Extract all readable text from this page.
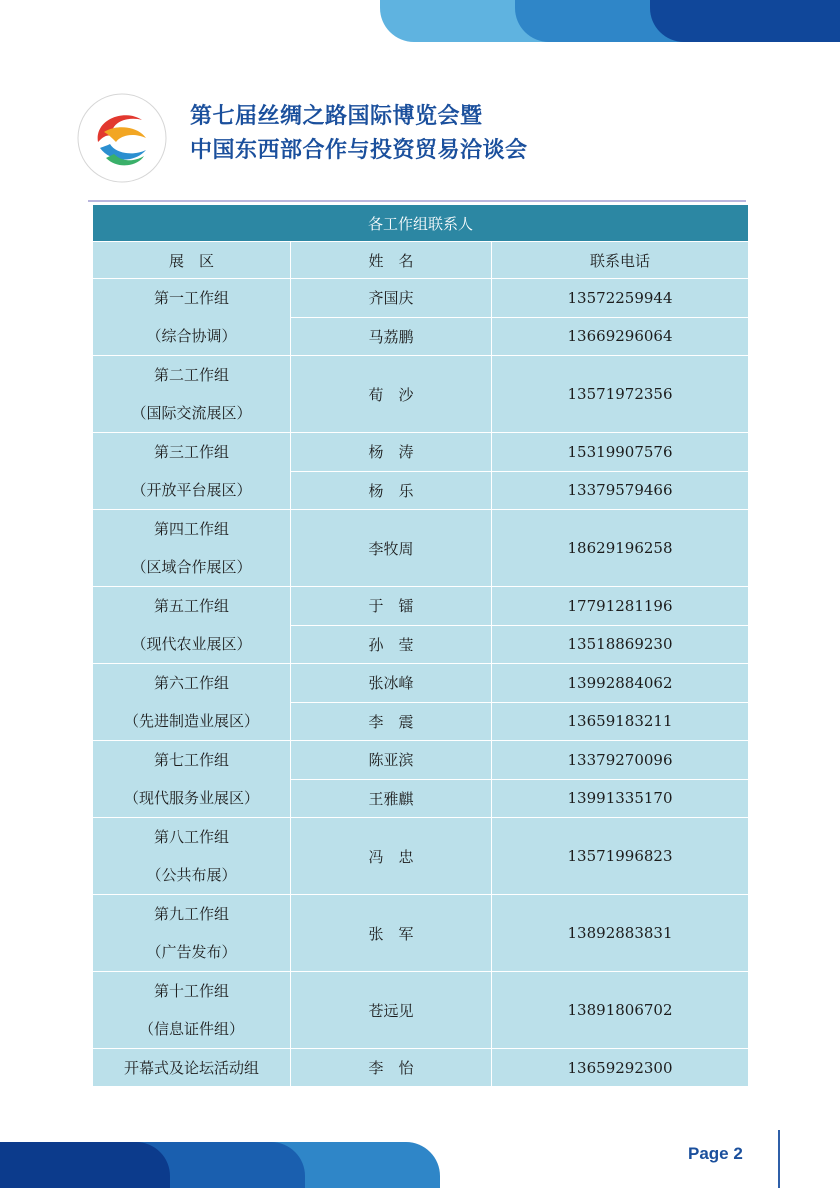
第七届丝绸之路国际博览会暨
中国东西部合作与投资贸易洽谈会
各工作组联系人		
展　区	姓　名	联系电话

第一工作组
（综合协调）	齐国庆	13572259944
	马荔鹏	13669296064

第二工作组
（国际交流展区）	荀　沙	13571972356

第三工作组
（开放平台展区）	杨　涛	15319907576
	杨　乐	13379579466

第四工作组
（区域合作展区）	李牧周	18629196258

第五工作组
（现代农业展区）	于　镭	17791281196
	孙　莹	13518869230

第六工作组
（先进制造业展区）	张冰峰	13992884062
	李　震	13659183211

第七工作组
（现代服务业展区）	陈亚滨	13379270096
	王雅麒	13991335170

第八工作组
（公共布展）	冯　忠	13571996823

第九工作组
（广告发布）	张　军	13892883831

第十工作组
（信息证件组）	苍远见	13891806702

开幕式及论坛活动组	李　怡	13659292300
Page 2
